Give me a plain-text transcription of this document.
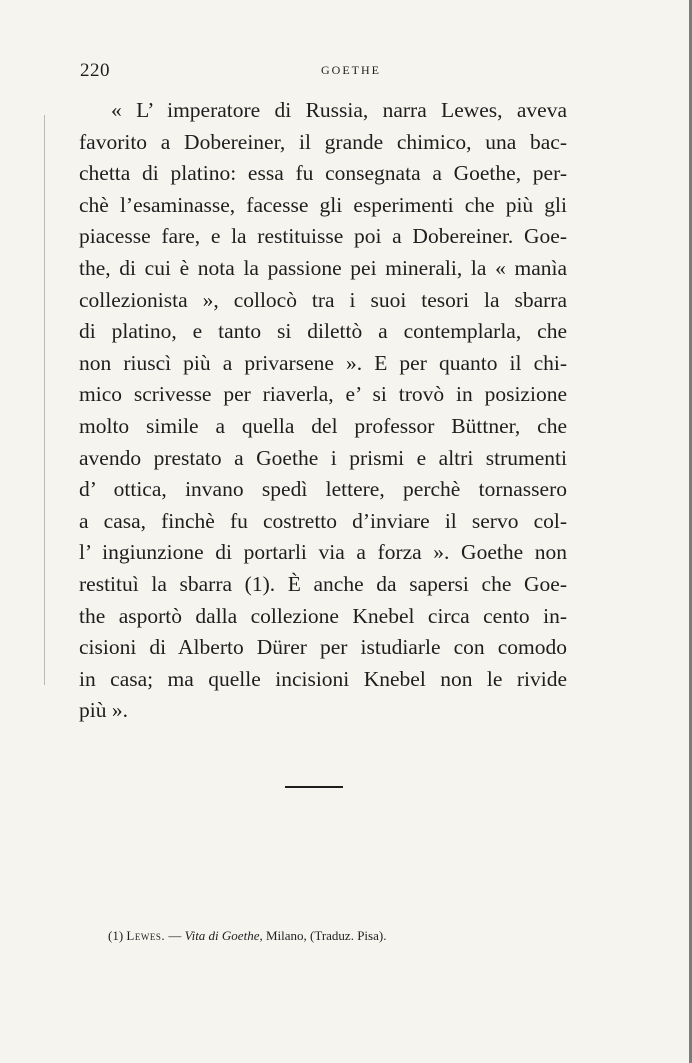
220	GOETHE
« L’ imperatore di Russia, narra Lewes, aveva
favorito a Dobereiner, il grande chimico, una bac-
chetta di platino: essa fu consegnata a Goethe, per-
chè l’esaminasse, facesse gli esperimenti che più gli
piacesse fare, e la restituisse poi a Dobereiner. Goe-
the, di cui è nota la passione pei minerali, la « manìa
collezionista », collocò tra i suoi tesori la sbarra
di platino, e tanto si dilettò a contemplarla, che
non riuscì più a privarsene ». E per quanto il chi-
mico scrivesse per riaverla, e’ si trovò in posizione
molto simile a quella del professor Büttner, che
avendo prestato a Goethe i prismi e altri strumenti
d’ ottica, invano spedì lettere, perchè tornassero
a casa, finchè fu costretto d’inviare il servo col-
l’ ingiunzione di portarli via a forza ». Goethe non
restituì la sbarra (1). È anche da sapersi che Goe-
the asportò dalla collezione Knebel circa cento in-
cisioni di Alberto Dürer per istudiarle con comodo
in casa; ma quelle incisioni Knebel non le rivide
più ».
(1) Lewes. — Vita di Goethe, Milano, (Traduz. Pisa).
